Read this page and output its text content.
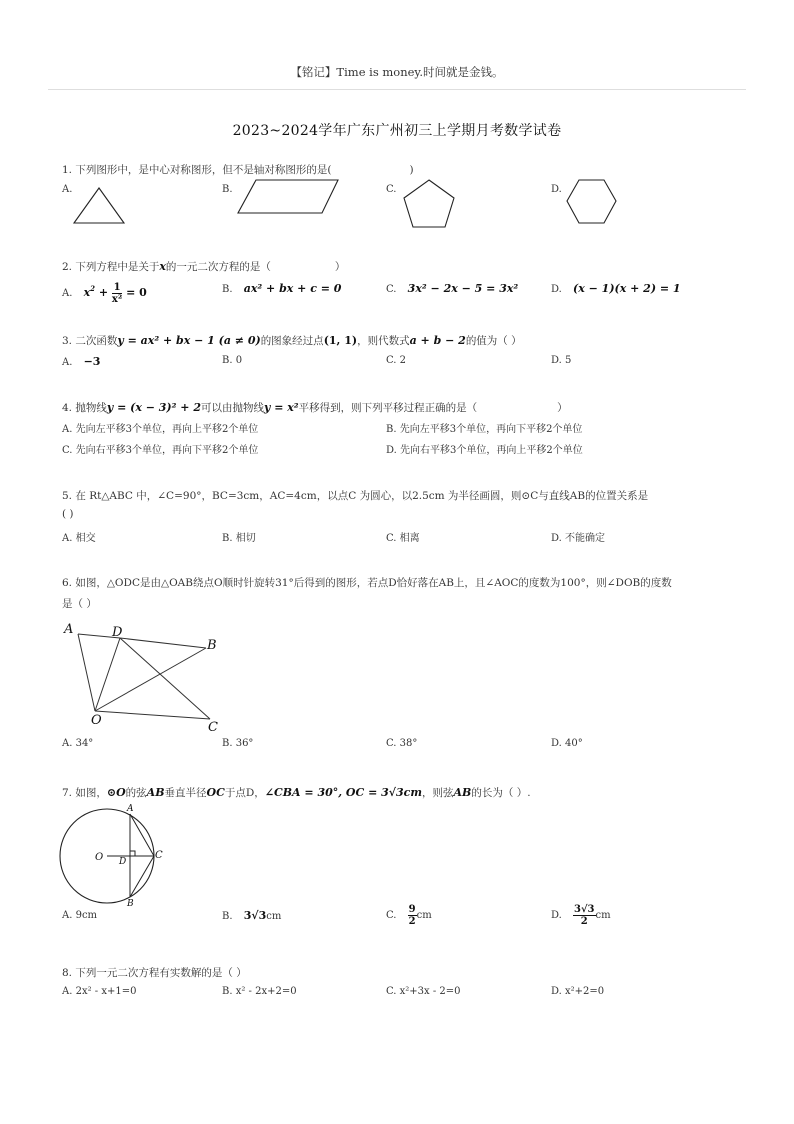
【铭记】Time is money.时间就是金钱。
2023~2024学年广东广州初三上学期月考数学试卷
1. 下列图形中，是中心对称图形，但不是轴对称图形的是(	)
A.	B.	C.	D.
2. 下列方程中是关于x的一元二次方程的是（	）
A. $x^2 + \frac{1}{\text{x²}} = 0$	B. ax² + bx + c = 0	C. 3x² − 2x − 5 = 3x²	D. (x − 1)(x + 2) = 1
3. 二次函数y = ax² + bx − 1 (a ≠ 0)的图象经过点(1, 1)，则代数式a + b − 2的值为（ ）
A. −3	B. 0	C. 2	D. 5
4. 抛物线y = (x − 3)² + 2可以由抛物线y = x²平移得到，则下列平移过程正确的是（	）
A. 先向左平移3个单位，再向上平移2个单位	B. 先向左平移3个单位，再向下平移2个单位
C. 先向右平移3个单位，再向下平移2个单位	D. 先向右平移3个单位，再向上平移2个单位
5. 在 Rt△ABC 中，∠C=90°，BC=3cm，AC=4cm，以点C 为圆心，以2.5cm 为半径画圆，则⊙C与直线AB的位置关系是
( )
A. 相交	B. 相切	C. 相离	D. 不能确定
6. 如图，△ODC是由△OAB绕点O顺时针旋转31°后得到的图形，若点D恰好落在AB上，且∠AOC的度数为100°，则∠DOB的度数
是（ ）
A	D
B
O	C
A. 34°	B. 36°	C. 38°	D. 40°
7. 如图，⊙O的弦AB垂直半径OC于点D，∠CBA = 30°, OC = 3√3cm，则弦AB的长为（ ）.
A
O D
C
B
A. 9cm	B. 3√3cm	C. $\frac{9}{2}$ cm	D. $\frac{3√3}{2}$ cm
8. 下列一元二次方程有实数解的是（ ）
A. 2x² - x+1=0	B. x² - 2x+2=0	C. x²+3x - 2=0	D. x²+2=0
